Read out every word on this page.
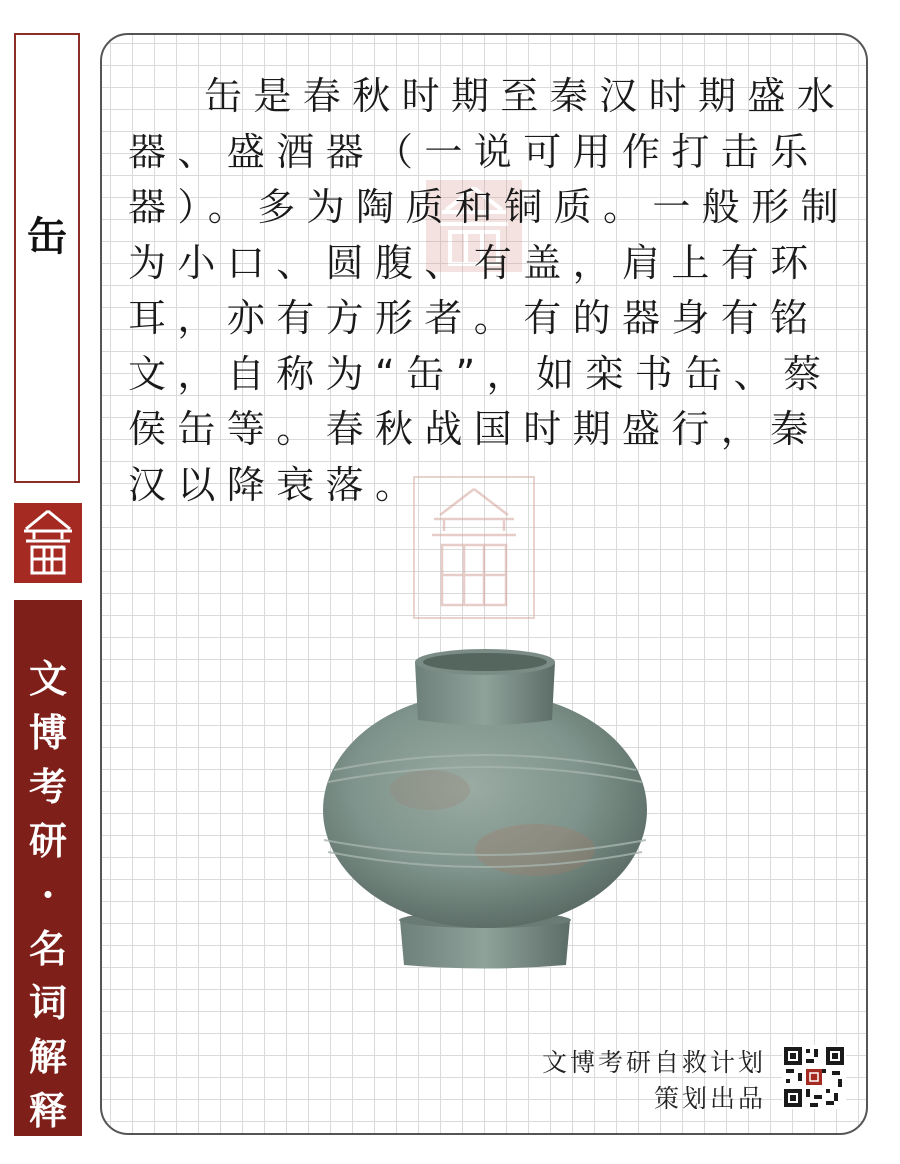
缶
文
博
考
研
·
名
词
解
释

缶是春秋时期至秦汉时期盛水器、盛酒器（一说可用作打击乐器）。多为陶质和铜质。一般形制为小口、圆腹、有盖，肩上有环耳，亦有方形者。有的器身有铭文，自称为“缶”，如栾书缶、蔡侯缶等。春秋战国时期盛行，秦汉以降衰落。

文博考研自救计划
策划出品
